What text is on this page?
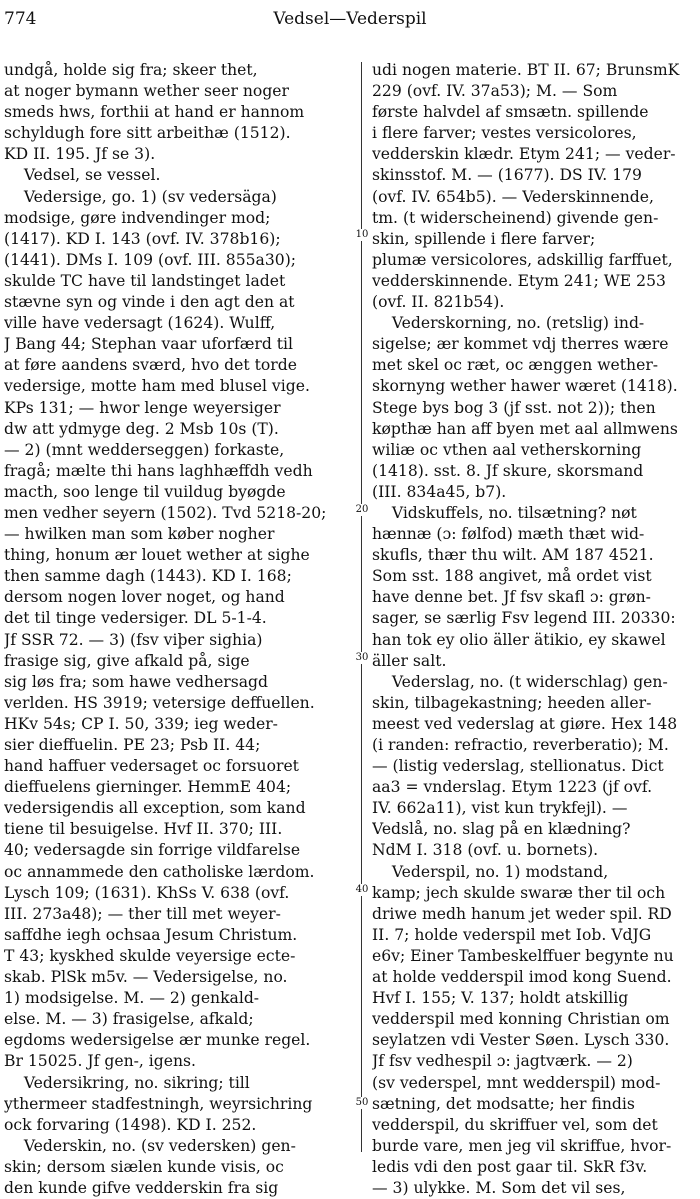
774	Vedsel—Vederspil
undgå, holde sig fra; skeer thet,
at noger bymann wether seer noger
smeds hws, forthii at hand er hannom
schyldugh fore sitt arbeithæ (1512).
KD II. 195. Jf se 3).
Vedsel, se vessel.
Vedersige, go. 1) (sv vedersäga)
modsige, gøre indvendinger mod;
(1417). KD I. 143 (ovf. IV. 378b16);
(1441). DMs I. 109 (ovf. III. 855a30);
skulde TC have til landstinget ladet
stævne syn og vinde i den agt den at
ville have vedersagt (1624). Wulff,
J Bang 44; Stephan vaar uforfærd til
at føre aandens sværd, hvo det torde
vedersige, motte ham med blusel vige.
KPs 131; — hwor lenge weyersiger
dw att ydmyge deg. 2 Msb 10s (T).
— 2) (mnt wedderseggen) forkaste,
fragå; mælte thi hans laghhæffdh vedh
macth, soo lenge til vuildug byøgde
men vedher seyern (1502). Tvd 5218-20;
— hwilken man som køber nogher
thing, honum ær louet wether at sighe
then samme dagh (1443). KD I. 168;
dersom nogen lover noget, og hand
det til tinge vedersiger. DL 5-1-4.
Jf SSR 72. — 3) (fsv viþer sighia)
frasige sig, give afkald på, sige
sig løs fra; som hawe vedhersagd
verlden. HS 3919; vetersige deffuellen.
HKv 54s; CP I. 50, 339; ieg weder-
sier dieffuelin. PE 23; Psb II. 44;
hand haffuer vedersaget oc forsuoret
dieffuelens gierninger. HemmE 404;
vedersigendis all exception, som kand
tiene til besuigelse. Hvf II. 370; III.
40; vedersagde sin forrige vildfarelse
oc annammede den catholiske lærdom.
Lysch 109; (1631). KhSs V. 638 (ovf.
III. 273a48); — ther till met weyer-
saffdhe iegh ochsaa Jesum Christum.
T 43; kyskhed skulde veyersige ecte-
skab. PlSk m5v. — Vedersigelse, no.
1) modsigelse. M. — 2) genkald-
else. M. — 3) frasigelse, afkald;
egdoms wedersigelse ær munke regel.
Br 15025. Jf gen-, igens.
Vedersikring, no. sikring; till
ythermeer stadfestningh, weyrsichring
ock forvaring (1498). KD I. 252.
Vederskin, no. (sv vedersken) gen-
skin; dersom siælen kunde visis, oc
den kunde gifve vedderskin fra sig
udi nogen materie. BT II. 67; BrunsmK
229 (ovf. IV. 37a53); M. — Som
første halvdel af smsætn. spillende
i flere farver; vestes versicolores,
vedderskin klædr. Etym 241; — veder-
skinsstof. M. — (1677). DS IV. 179
(ovf. IV. 654b5). — Vederskinnende,
tm. (t widerscheinend) givende gen-
skin, spillende i flere farver;
plumæ versicolores, adskillig farffuet,
vedderskinnende. Etym 241; WE 253
(ovf. II. 821b54).
Vederskorning, no. (retslig) ind-
sigelse; ær kommet vdj therres wære
met skel oc ræt, oc ænggen wether-
skornyng wether hawer wæret (1418).
Stege bys bog 3 (jf sst. not 2)); then
køpthæ han aff byen met aal allmwens
wiliæ oc vthen aal vetherskorning
(1418). sst. 8. Jf skure, skorsmand
(III. 834a45, b7).
Vidskuffels, no. tilsætning? nøt
hænnæ (ɔ: følfod) mæth thæt wid-
skufls, thær thu wilt. AM 187 4521.
Som sst. 188 angivet, må ordet vist
have denne bet. Jf fsv skafl ɔ: grøn-
sager, se særlig Fsv legend III. 20330:
han tok ey olio äller ätikio, ey skawel
äller salt.
Vederslag, no. (t widerschlag) gen-
skin, tilbagekastning; heeden aller-
meest ved vederslag at giøre. Hex 148
(i randen: refractio, reverberatio); M.
— (listig vederslag, stellionatus. Dict
aa3 = vnderslag. Etym 1223 (jf ovf.
IV. 662a11), vist kun trykfejl). —
Vedslå, no. slag på en klædning?
NdM I. 318 (ovf. u. bornets).
Vederspil, no. 1) modstand,
kamp; jech skulde swaræ ther til och
driwe medh hanum jet weder spil. RD
II. 7; holde vederspil met Iob. VdJG
e6v; Einer Tambeskelffuer begynte nu
at holde vedderspil imod kong Suend.
Hvf I. 155; V. 137; holdt atskillig
vedderspil med konning Christian om
seylatzen vdi Vester Søen. Lysch 330.
Jf fsv vedhespil ɔ: jagtværk. — 2)
(sv vederspel, mnt wedderspil) mod-
sætning, det modsatte; her findis
vedderspil, du skriffuer vel, som det
burde vare, men jeg vil skriffue, hvor-
ledis vdi den post gaar til. SkR f3v.
— 3) ulykke. M. Som det vil ses,
10
20
30
40
50
